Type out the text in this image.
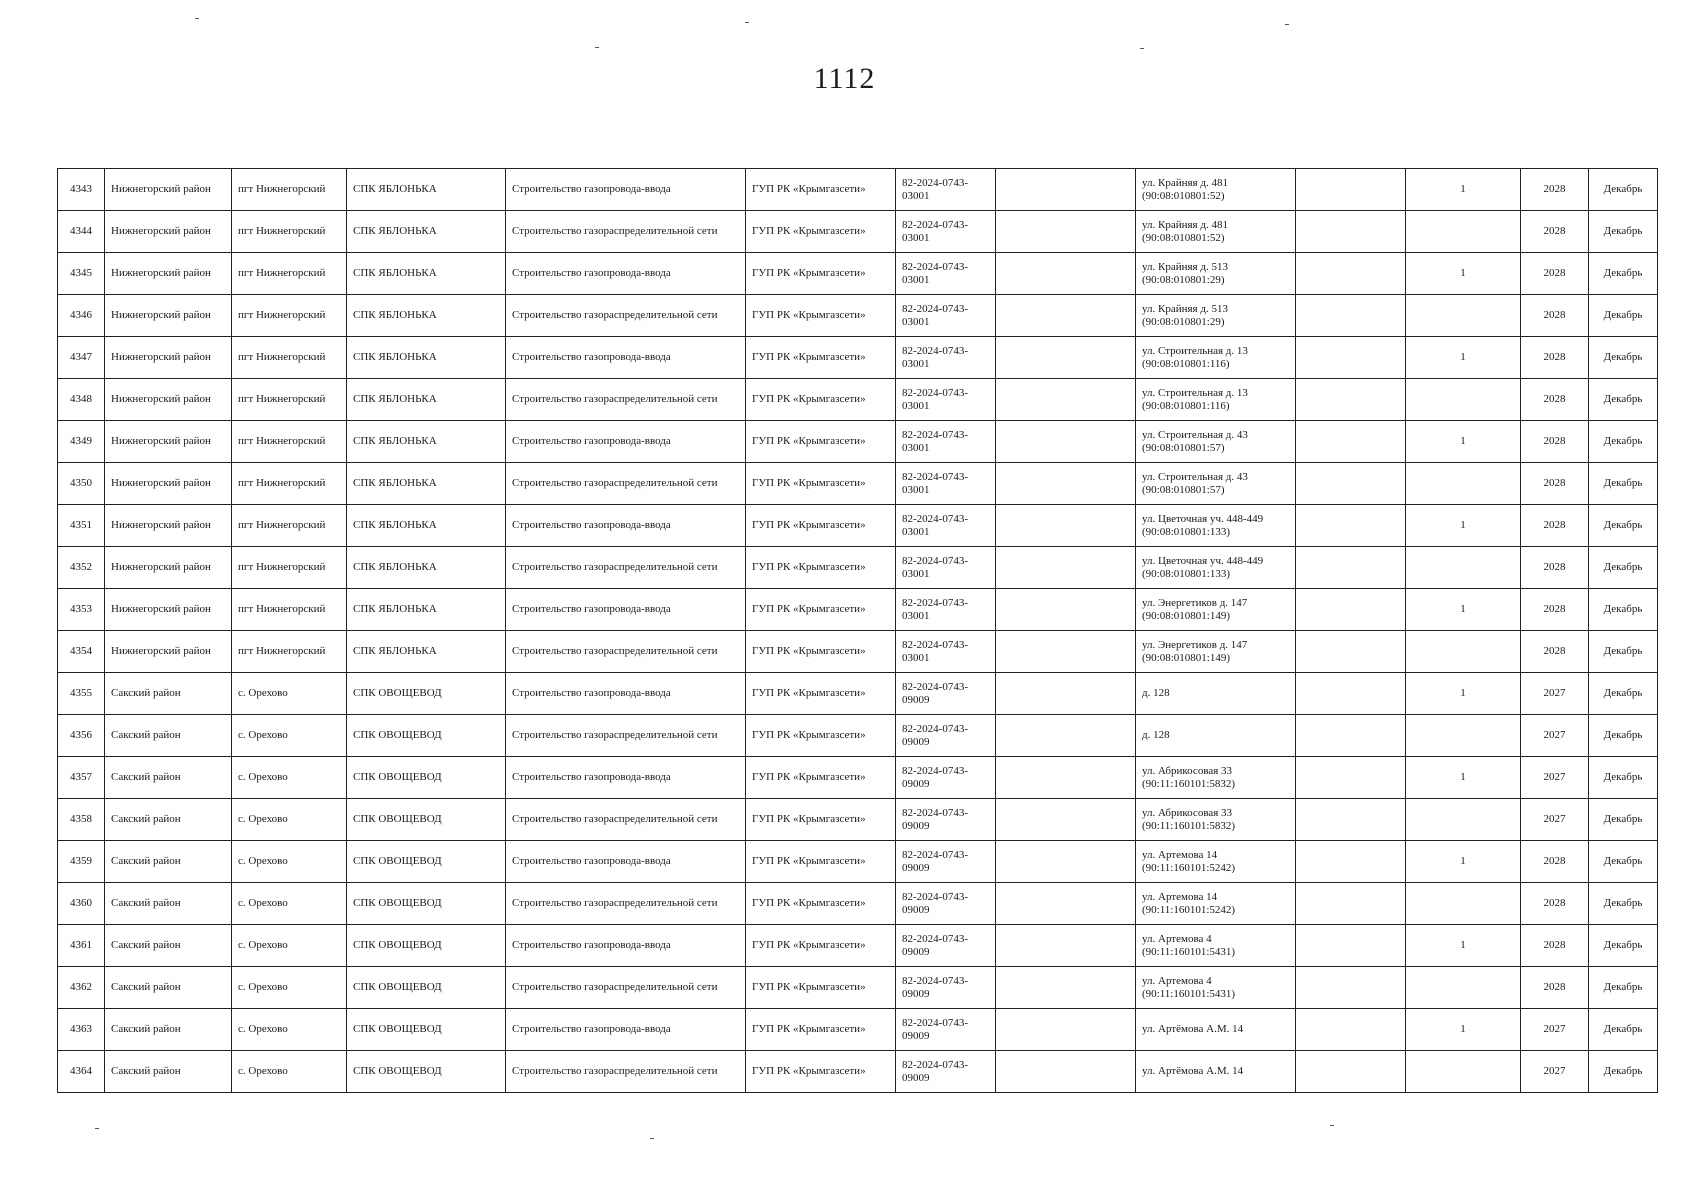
1112
4343	Нижнегорский район	пгт Нижнегорский	СПК ЯБЛОНЬКА	Строительство газопровода-ввода	ГУП РК «Крымгазсети»	82-2024-0743-03001		ул. Крайняя д. 481 (90:08:010801:52)		1	2028	Декабрь
4344	Нижнегорский район	пгт Нижнегорский	СПК ЯБЛОНЬКА	Строительство газораспределительной сети	ГУП РК «Крымгазсети»	82-2024-0743-03001		ул. Крайняя д. 481 (90:08:010801:52)			2028	Декабрь
4345	Нижнегорский район	пгт Нижнегорский	СПК ЯБЛОНЬКА	Строительство газопровода-ввода	ГУП РК «Крымгазсети»	82-2024-0743-03001		ул. Крайняя д. 513 (90:08:010801:29)		1	2028	Декабрь
4346	Нижнегорский район	пгт Нижнегорский	СПК ЯБЛОНЬКА	Строительство газораспределительной сети	ГУП РК «Крымгазсети»	82-2024-0743-03001		ул. Крайняя д. 513 (90:08:010801:29)			2028	Декабрь
4347	Нижнегорский район	пгт Нижнегорский	СПК ЯБЛОНЬКА	Строительство газопровода-ввода	ГУП РК «Крымгазсети»	82-2024-0743-03001		ул. Строительная д. 13 (90:08:010801:116)		1	2028	Декабрь
4348	Нижнегорский район	пгт Нижнегорский	СПК ЯБЛОНЬКА	Строительство газораспределительной сети	ГУП РК «Крымгазсети»	82-2024-0743-03001		ул. Строительная д. 13 (90:08:010801:116)			2028	Декабрь
4349	Нижнегорский район	пгт Нижнегорский	СПК ЯБЛОНЬКА	Строительство газопровода-ввода	ГУП РК «Крымгазсети»	82-2024-0743-03001		ул. Строительная д. 43 (90:08:010801:57)		1	2028	Декабрь
4350	Нижнегорский район	пгт Нижнегорский	СПК ЯБЛОНЬКА	Строительство газораспределительной сети	ГУП РК «Крымгазсети»	82-2024-0743-03001		ул. Строительная д. 43 (90:08:010801:57)			2028	Декабрь
4351	Нижнегорский район	пгт Нижнегорский	СПК ЯБЛОНЬКА	Строительство газопровода-ввода	ГУП РК «Крымгазсети»	82-2024-0743-03001		ул. Цветочная уч. 448-449 (90:08:010801:133)		1	2028	Декабрь
4352	Нижнегорский район	пгт Нижнегорский	СПК ЯБЛОНЬКА	Строительство газораспределительной сети	ГУП РК «Крымгазсети»	82-2024-0743-03001		ул. Цветочная уч. 448-449 (90:08:010801:133)			2028	Декабрь
4353	Нижнегорский район	пгт Нижнегорский	СПК ЯБЛОНЬКА	Строительство газопровода-ввода	ГУП РК «Крымгазсети»	82-2024-0743-03001		ул. Энергетиков д. 147 (90:08:010801:149)		1	2028	Декабрь
4354	Нижнегорский район	пгт Нижнегорский	СПК ЯБЛОНЬКА	Строительство газораспределительной сети	ГУП РК «Крымгазсети»	82-2024-0743-03001		ул. Энергетиков д. 147 (90:08:010801:149)			2028	Декабрь
4355	Сакский район	с. Орехово	СПК ОВОЩЕВОД	Строительство газопровода-ввода	ГУП РК «Крымгазсети»	82-2024-0743-09009		д. 128		1	2027	Декабрь
4356	Сакский район	с. Орехово	СПК ОВОЩЕВОД	Строительство газораспределительной сети	ГУП РК «Крымгазсети»	82-2024-0743-09009		д. 128			2027	Декабрь
4357	Сакский район	с. Орехово	СПК ОВОЩЕВОД	Строительство газопровода-ввода	ГУП РК «Крымгазсети»	82-2024-0743-09009		ул. Абрикосовая 33 (90:11:160101:5832)		1	2027	Декабрь
4358	Сакский район	с. Орехово	СПК ОВОЩЕВОД	Строительство газораспределительной сети	ГУП РК «Крымгазсети»	82-2024-0743-09009		ул. Абрикосовая 33 (90:11:160101:5832)			2027	Декабрь
4359	Сакский район	с. Орехово	СПК ОВОЩЕВОД	Строительство газопровода-ввода	ГУП РК «Крымгазсети»	82-2024-0743-09009		ул. Артемова 14 (90:11:160101:5242)		1	2028	Декабрь
4360	Сакский район	с. Орехово	СПК ОВОЩЕВОД	Строительство газораспределительной сети	ГУП РК «Крымгазсети»	82-2024-0743-09009		ул. Артемова 14 (90:11:160101:5242)			2028	Декабрь
4361	Сакский район	с. Орехово	СПК ОВОЩЕВОД	Строительство газопровода-ввода	ГУП РК «Крымгазсети»	82-2024-0743-09009		ул. Артемова 4 (90:11:160101:5431)		1	2028	Декабрь
4362	Сакский район	с. Орехово	СПК ОВОЩЕВОД	Строительство газораспределительной сети	ГУП РК «Крымгазсети»	82-2024-0743-09009		ул. Артемова 4 (90:11:160101:5431)			2028	Декабрь
4363	Сакский район	с. Орехово	СПК ОВОЩЕВОД	Строительство газопровода-ввода	ГУП РК «Крымгазсети»	82-2024-0743-09009		ул. Артёмова А.М. 14		1	2027	Декабрь
4364	Сакский район	с. Орехово	СПК ОВОЩЕВОД	Строительство газораспределительной сети	ГУП РК «Крымгазсети»	82-2024-0743-09009		ул. Артёмова А.М. 14			2027	Декабрь
